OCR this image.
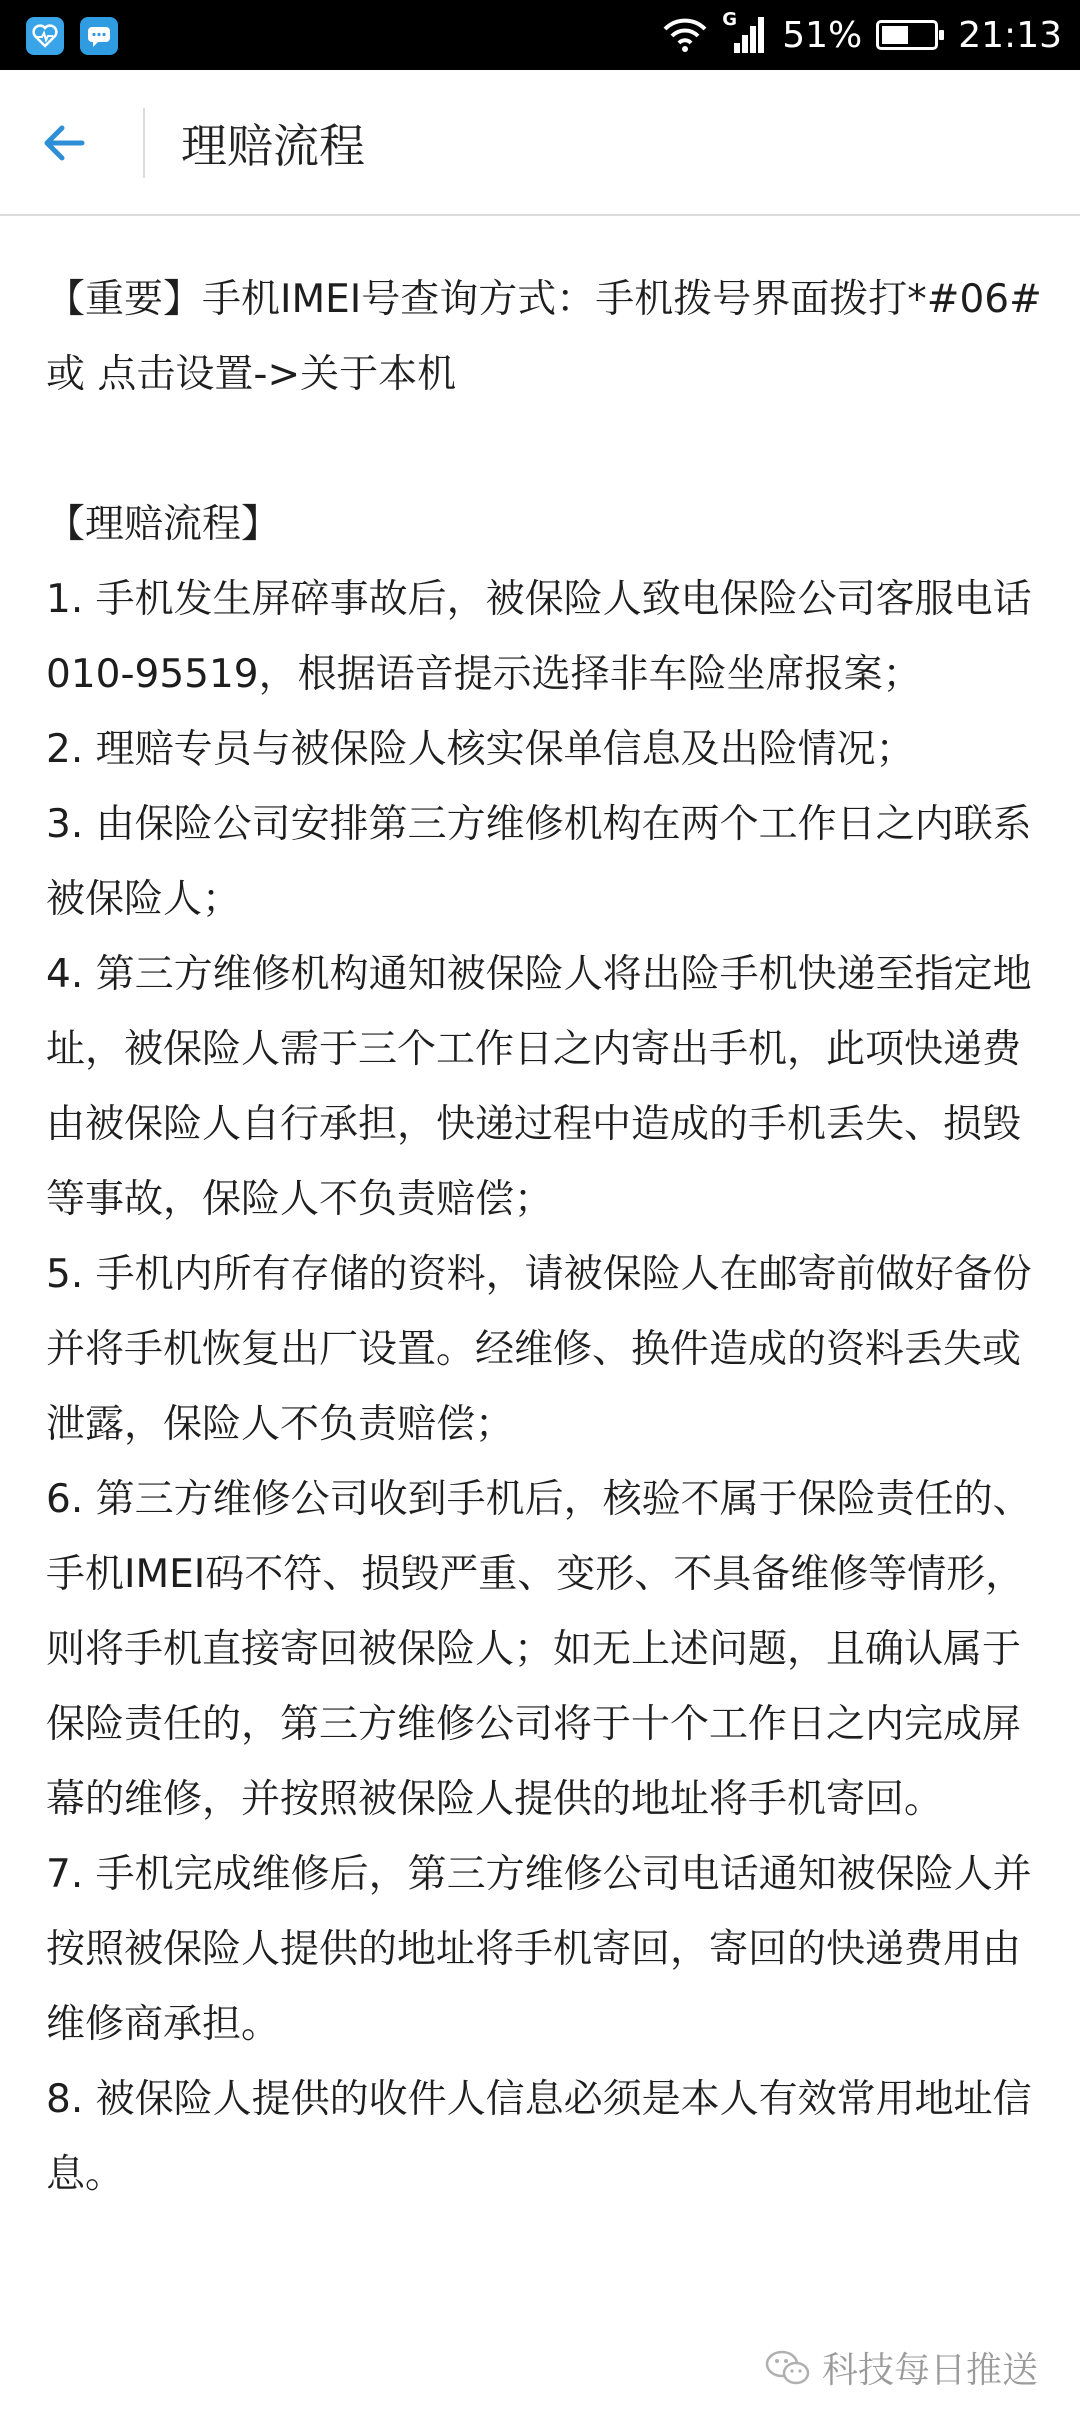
G 51%	21:13
理赔流程

【重要】手机IMEI号查询方式：手机拨号界面拨打*#06# 或 点击设置->关于本机

【理赔流程】

1. 手机发生屏碎事故后，被保险人致电保险公司客服电话010-95519，根据语音提示选择非车险坐席报案；

2. 理赔专员与被保险人核实保单信息及出险情况；

3. 由保险公司安排第三方维修机构在两个工作日之内联系被保险人；

4. 第三方维修机构通知被保险人将出险手机快递至指定地址，被保险人需于三个工作日之内寄出手机，此项快递费由被保险人自行承担，快递过程中造成的手机丢失、损毁等事故，保险人不负责赔偿；

5. 手机内所有存储的资料，请被保险人在邮寄前做好备份并将手机恢复出厂设置。经维修、换件造成的资料丢失或泄露，保险人不负责赔偿；

6. 第三方维修公司收到手机后，核验不属于保险责任的、手机IMEI码不符、损毁严重、变形、不具备维修等情形，则将手机直接寄回被保险人；如无上述问题，且确认属于保险责任的，第三方维修公司将于十个工作日之内完成屏幕的维修，并按照被保险人提供的地址将手机寄回。

7. 手机完成维修后，第三方维修公司电话通知被保险人并按照被保险人提供的地址将手机寄回，寄回的快递费用由维修商承担。

8. 被保险人提供的收件人信息必须是本人有效常用地址信息。

科技每日推送
